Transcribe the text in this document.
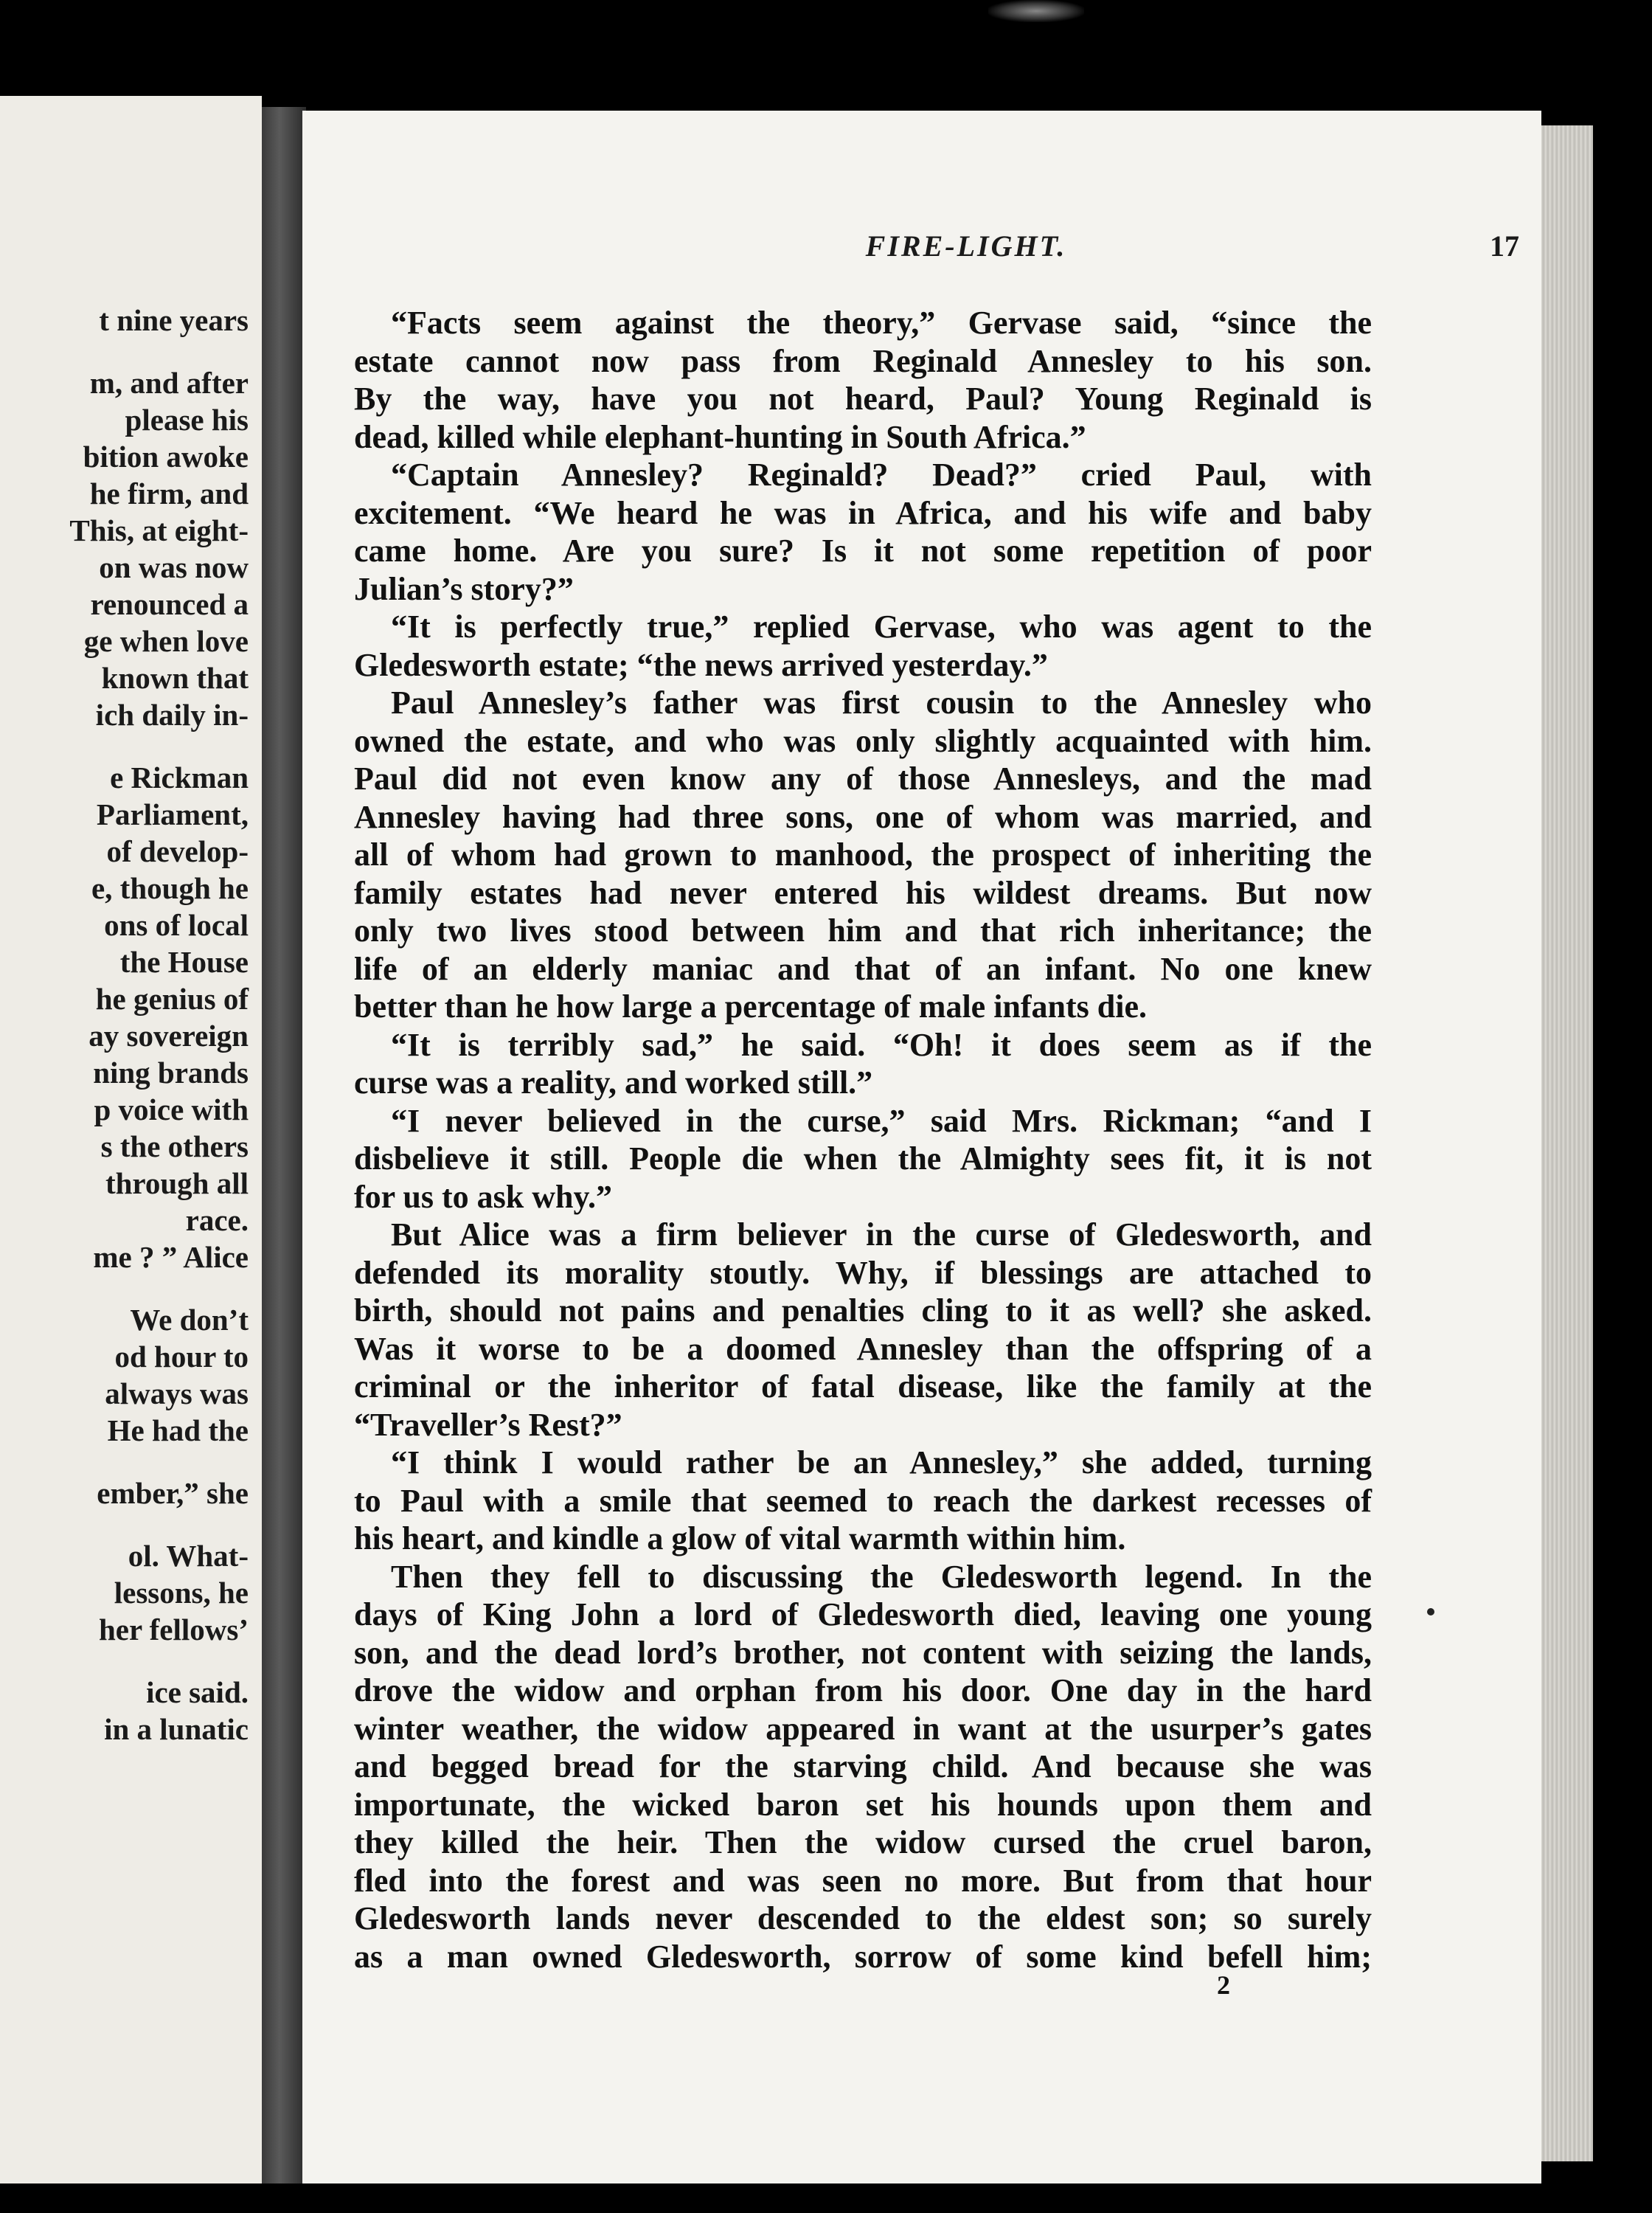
t nine years
m, and after
please his
bition awoke
he firm, and
This, at eight-
on was now
renounced a
ge when love
known that
ich daily in-
e Rickman
Parliament,
of develop-
e, though he
ons of local
the House
he genius of
ay sovereign
ning brands
p voice with
s the others
through all
race.
me ? ” Alice
We don’t
od hour to
always was
He had the
ember,” she
ol. What-
lessons, he
her fellows’
ice said.
in a lunatic
FIRE-LIGHT.	17
“Facts seem against the theory,” Gervase said, “since the
estate cannot now pass from Reginald Annesley to his son.
By the way, have you not heard, Paul? Young Reginald is
dead, killed while elephant-hunting in South Africa.”
“Captain Annesley? Reginald? Dead?” cried Paul, with
excitement. “We heard he was in Africa, and his wife and baby
came home. Are you sure? Is it not some repetition of poor
Julian’s story?”
“It is perfectly true,” replied Gervase, who was agent to the
Gledesworth estate; “the news arrived yesterday.”
Paul Annesley’s father was first cousin to the Annesley who
owned the estate, and who was only slightly acquainted with him.
Paul did not even know any of those Annesleys, and the mad
Annesley having had three sons, one of whom was married, and
all of whom had grown to manhood, the prospect of inheriting the
family estates had never entered his wildest dreams. But now
only two lives stood between him and that rich inheritance; the
life of an elderly maniac and that of an infant. No one knew
better than he how large a percentage of male infants die.
“It is terribly sad,” he said. “Oh! it does seem as if the
curse was a reality, and worked still.”
“I never believed in the curse,” said Mrs. Rickman; “and I
disbelieve it still. People die when the Almighty sees fit, it is not
for us to ask why.”
But Alice was a firm believer in the curse of Gledesworth, and
defended its morality stoutly. Why, if blessings are attached to
birth, should not pains and penalties cling to it as well? she asked.
Was it worse to be a doomed Annesley than the offspring of a
criminal or the inheritor of fatal disease, like the family at the
“Traveller’s Rest?”
“I think I would rather be an Annesley,” she added, turning
to Paul with a smile that seemed to reach the darkest recesses of
his heart, and kindle a glow of vital warmth within him.
Then they fell to discussing the Gledesworth legend. In the
days of King John a lord of Gledesworth died, leaving one young
son, and the dead lord’s brother, not content with seizing the lands,
drove the widow and orphan from his door. One day in the hard
winter weather, the widow appeared in want at the usurper’s gates
and begged bread for the starving child. And because she was
importunate, the wicked baron set his hounds upon them and
they killed the heir. Then the widow cursed the cruel baron,
fled into the forest and was seen no more. But from that hour
Gledesworth lands never descended to the eldest son; so surely
as a man owned Gledesworth, sorrow of some kind befell him;
2
